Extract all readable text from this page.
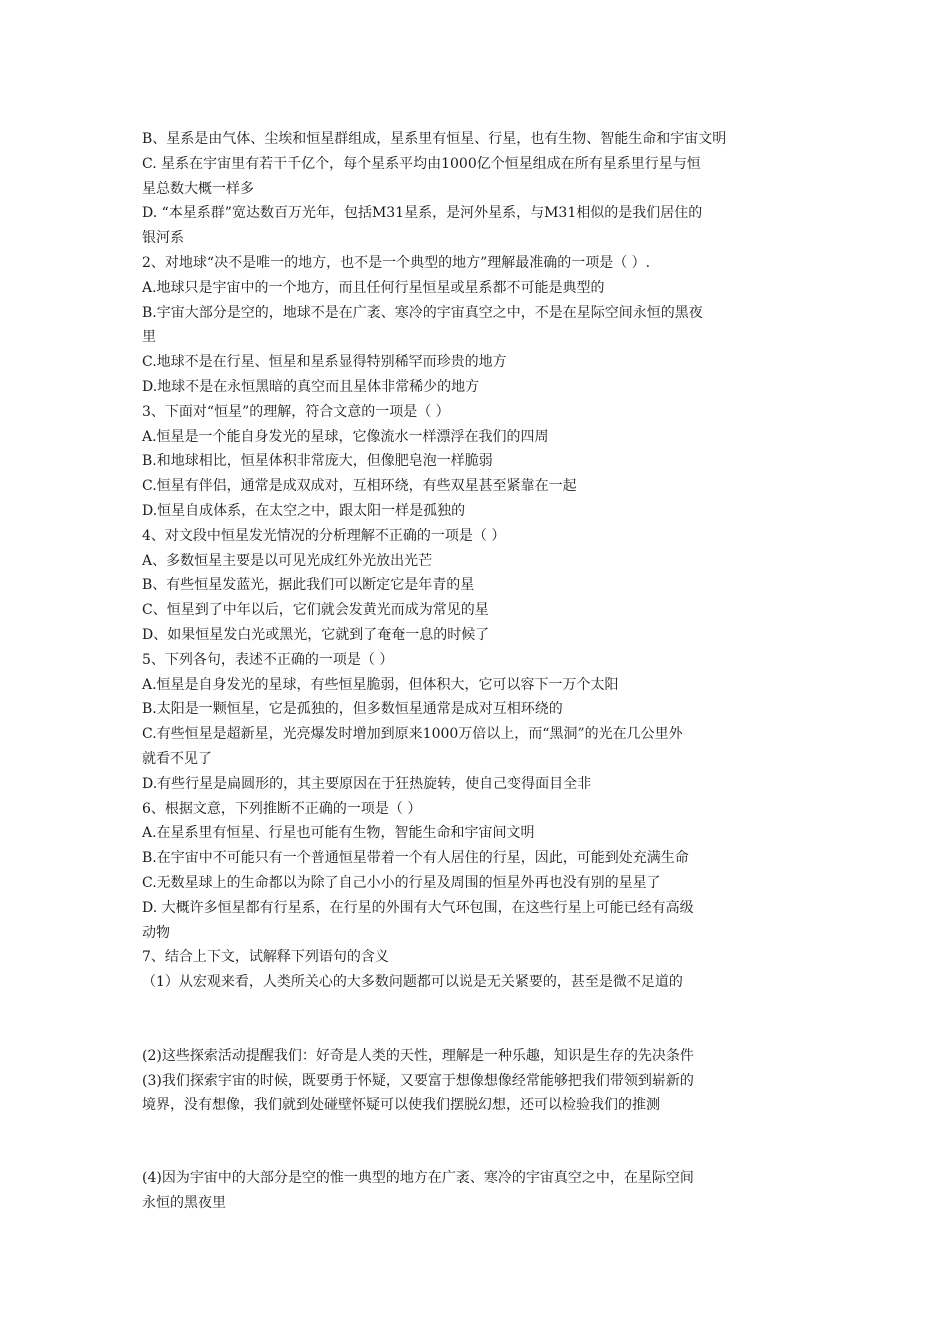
B、星系是由气体、尘埃和恒星群组成，星系里有恒星、行星，也有生物、智能生命和宇宙文明
C. 星系在宇宙里有若干千亿个，每个星系平均由1000亿个恒星组成在所有星系里行星与恒
星总数大概一样多
D. “本星系群”宽达数百万光年，包括M31星系，是河外星系，与M31相似的是我们居住的
银河系
2、对地球“决不是唯一的地方，也不是一个典型的地方”理解最准确的一项是（ ）.
A.地球只是宇宙中的一个地方，而且任何行星恒星或星系都不可能是典型的
B.宇宙大部分是空的，地球不是在广袤、寒冷的宇宙真空之中，不是在星际空间永恒的黑夜
里
C.地球不是在行星、恒星和星系显得特别稀罕而珍贵的地方
D.地球不是在永恒黑暗的真空而且星体非常稀少的地方
3、下面对“恒星”的理解，符合文意的一项是（ ）
A.恒星是一个能自身发光的星球，它像流水一样漂浮在我们的四周
B.和地球相比，恒星体积非常庞大，但像肥皂泡一样脆弱
C.恒星有伴侣，通常是成双成对，互相环绕，有些双星甚至紧靠在一起
D.恒星自成体系，在太空之中，跟太阳一样是孤独的
4、对文段中恒星发光情况的分析理解不正确的一项是（ ）
A、多数恒星主要是以可见光成红外光放出光芒
B、有些恒星发蓝光，据此我们可以断定它是年青的星
C、恒星到了中年以后，它们就会发黄光而成为常见的星
D、如果恒星发白光或黑光，它就到了奄奄一息的时候了
5、下列各句，表述不正确的一项是（ ）
A.恒星是自身发光的星球，有些恒星脆弱，但体积大，它可以容下一万个太阳
B.太阳是一颗恒星，它是孤独的，但多数恒星通常是成对互相环绕的
C.有些恒星是超新星，光亮爆发时增加到原来1000万倍以上，而“黑洞”的光在几公里外
就看不见了
D.有些行星是扁圆形的，其主要原因在于狂热旋转，使自己变得面目全非
6、根据文意，下列推断不正确的一项是（ ）
A.在星系里有恒星、行星也可能有生物，智能生命和宇宙间文明
B.在宇宙中不可能只有一个普通恒星带着一个有人居住的行星，因此，可能到处充满生命
C.无数星球上的生命都以为除了自己小小的行星及周围的恒星外再也没有别的星星了
D. 大概许多恒星都有行星系，在行星的外围有大气环包围，在这些行星上可能已经有高级
动物
7、结合上下文，试解释下列语句的含义
（1）从宏观来看，人类所关心的大多数问题都可以说是无关紧要的，甚至是微不足道的
(2)这些探索活动提醒我们：好奇是人类的天性，理解是一种乐趣，知识是生存的先决条件
(3)我们探索宇宙的时候，既要勇于怀疑，又要富于想像想像经常能够把我们带领到崭新的
境界，没有想像，我们就到处碰壁怀疑可以使我们摆脱幻想，还可以检验我们的推测
(4)因为宇宙中的大部分是空的惟一典型的地方在广袤、寒冷的宇宙真空之中，在星际空间
永恒的黑夜里
